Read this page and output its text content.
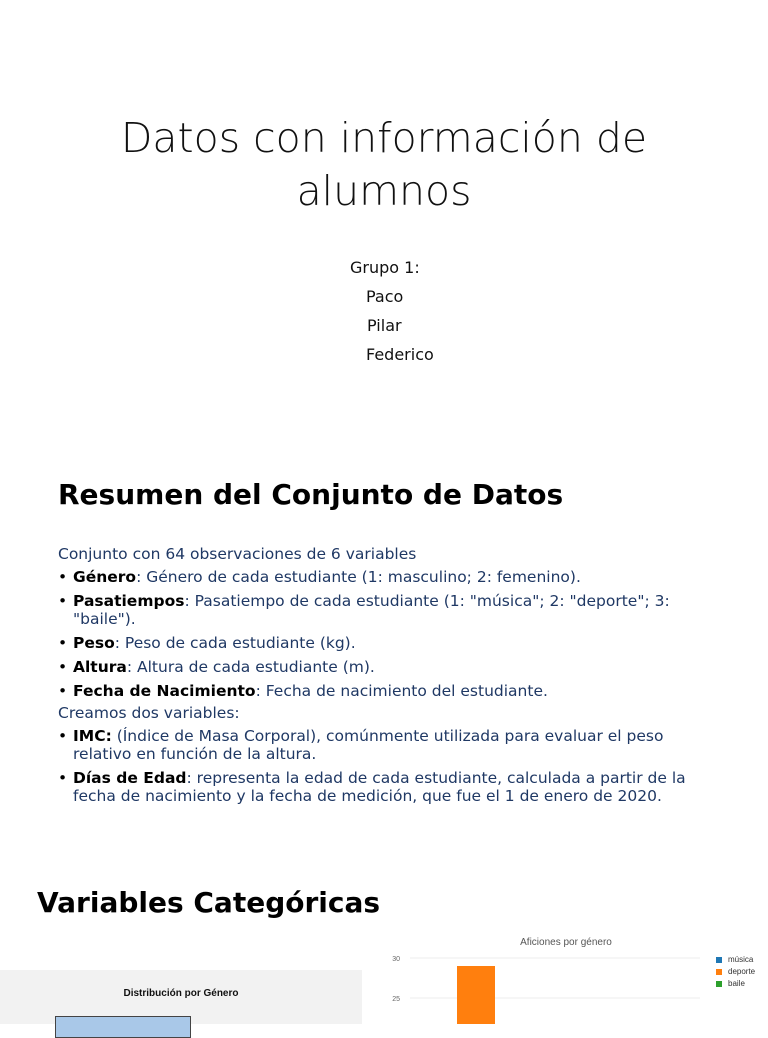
Datos con información de
alumnos
Grupo 1:
Paco
Pilar
Federico
Resumen del Conjunto de Datos

Conjunto con 64 observaciones de 6 variables

• Género: Género de cada estudiante (1: masculino; 2: femenino).
• Pasatiempos: Pasatiempo de cada estudiante (1: "música"; 2: "deporte"; 3: "baile").
• Peso: Peso de cada estudiante (kg).
• Altura: Altura de cada estudiante (m).
• Fecha de Nacimiento: Fecha de nacimiento del estudiante.

Creamos dos variables:

• IMC: (Índice de Masa Corporal), comúnmente utilizada para evaluar el peso relativo en función de la altura.
• Días de Edad: representa la edad de cada estudiante, calculada a partir de la fecha de nacimiento y la fecha de medición, que fue el 1 de enero de 2020.
Variables Categóricas
Distribución por Género
Aficiones por género
30
25
música
deporte
baile
